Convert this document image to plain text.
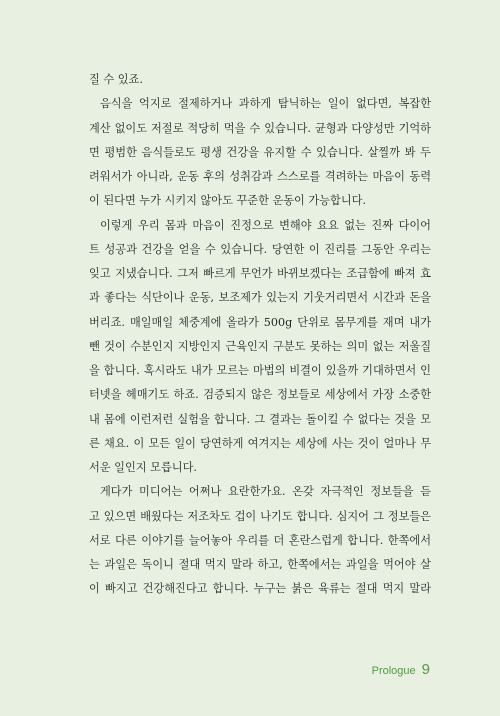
질 수 있죠.
음식을 억지로 절제하거나 과하게 탐닉하는 일이 없다면, 복잡한
계산 없이도 저절로 적당히 먹을 수 있습니다. 균형과 다양성만 기억하
면 평범한 음식들로도 평생 건강을 유지할 수 있습니다. 살찔까 봐 두
려워서가 아니라, 운동 후의 성취감과 스스로를 격려하는 마음이 동력
이 된다면 누가 시키지 않아도 꾸준한 운동이 가능합니다.
이렇게 우리 몸과 마음이 진정으로 변해야 요요 없는 진짜 다이어
트 성공과 건강을 얻을 수 있습니다. 당연한 이 진리를 그동안 우리는
잊고 지냈습니다. 그저 빠르게 무언가 바뀌보겠다는 조급함에 빠져 효
과 좋다는 식단이나 운동, 보조제가 있는지 기웃거리면서 시간과 돈을
버리죠. 매일매일 체중계에 올라가 500g 단위로 몸무게를 재며 내가
뺀 것이 수분인지 지방인지 근육인지 구분도 못하는 의미 없는 저울질
을 합니다. 혹시라도 내가 모르는 마법의 비결이 있을까 기대하면서 인
터넷을 헤매기도 하죠. 검증되지 않은 정보들로 세상에서 가장 소중한
내 몸에 이런저런 실험을 합니다. 그 결과는 돌이킬 수 없다는 것을 모
른 채요. 이 모든 일이 당연하게 여겨지는 세상에 사는 것이 얼마나 무
서운 일인지 모릅니다.
게다가 미디어는 어쩌나 요란한가요. 온갖 자극적인 정보들을 듣
고 있으면 배웠다는 저조차도 겁이 나기도 합니다. 심지어 그 정보들은
서로 다른 이야기를 늘어놓아 우리를 더 혼란스럽게 합니다. 한쪽에서
는 과일은 독이니 절대 먹지 말라 하고, 한쪽에서는 과일을 먹어야 살
이 빠지고 건강해진다고 합니다. 누구는 붉은 육류는 절대 먹지 말라
Prologue 9
